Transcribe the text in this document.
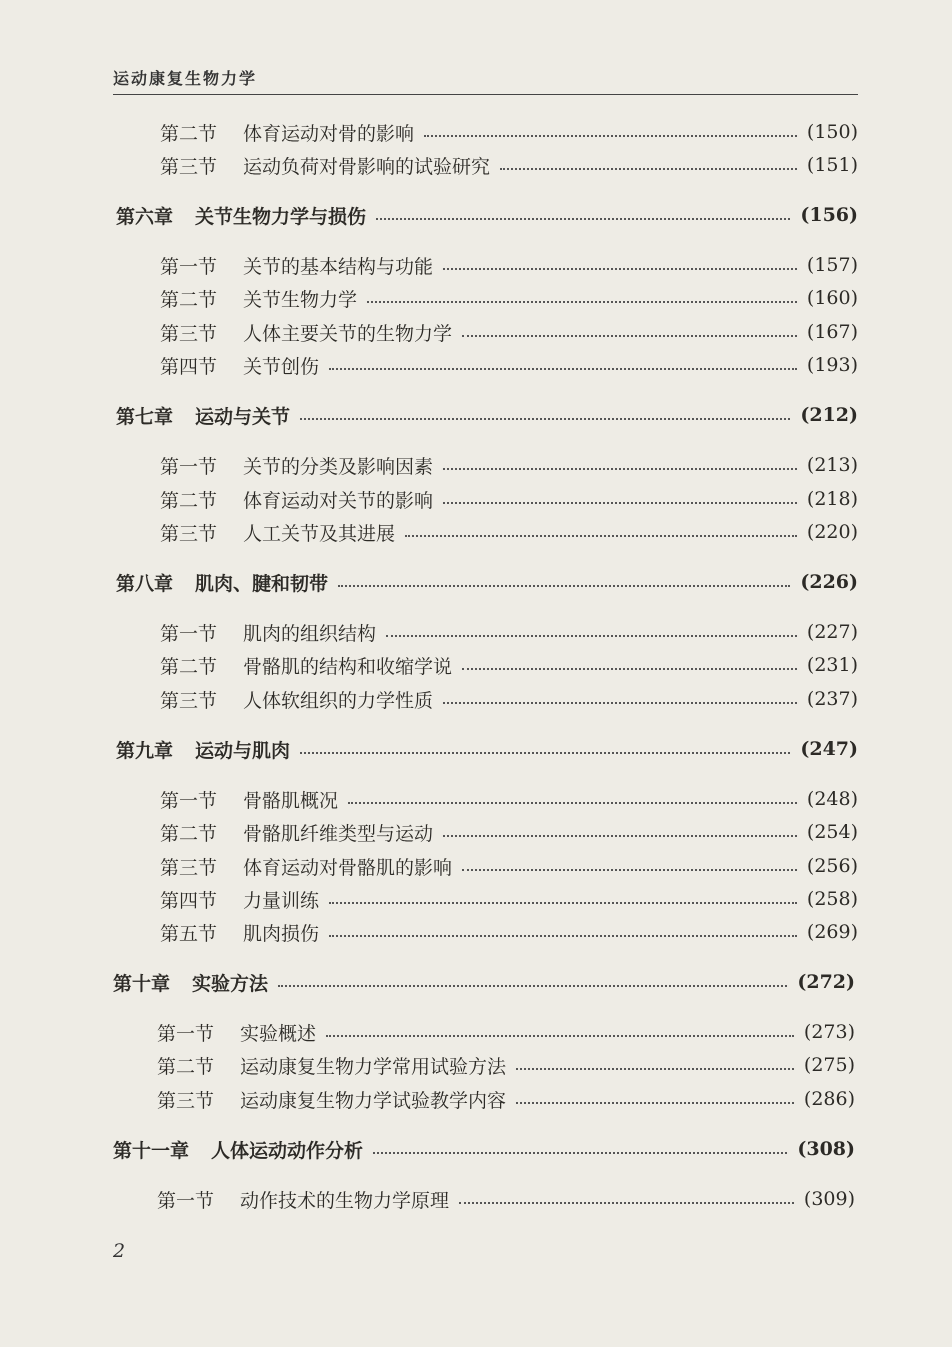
运动康复生物力学
第二节 体育运动对骨的影响	(150)
第三节 运动负荷对骨影响的试验研究	(151)
第六章 关节生物力学与损伤	(156)
第一节 关节的基本结构与功能	(157)
第二节 关节生物力学	(160)
第三节 人体主要关节的生物力学	(167)
第四节 关节创伤	(193)
第七章 运动与关节	(212)
第一节 关节的分类及影响因素	(213)
第二节 体育运动对关节的影响	(218)
第三节 人工关节及其进展	(220)
第八章 肌肉、腱和韧带	(226)
第一节 肌肉的组织结构	(227)
第二节 骨骼肌的结构和收缩学说	(231)
第三节 人体软组织的力学性质	(237)
第九章 运动与肌肉	(247)
第一节 骨骼肌概况	(248)
第二节 骨骼肌纤维类型与运动	(254)
第三节 体育运动对骨骼肌的影响	(256)
第四节 力量训练	(258)
第五节 肌肉损伤	(269)
第十章 实验方法	(272)
第一节 实验概述	(273)
第二节 运动康复生物力学常用试验方法	(275)
第三节 运动康复生物力学试验教学内容	(286)
第十一章 人体运动动作分析	(308)
第一节 动作技术的生物力学原理	(309)
2
